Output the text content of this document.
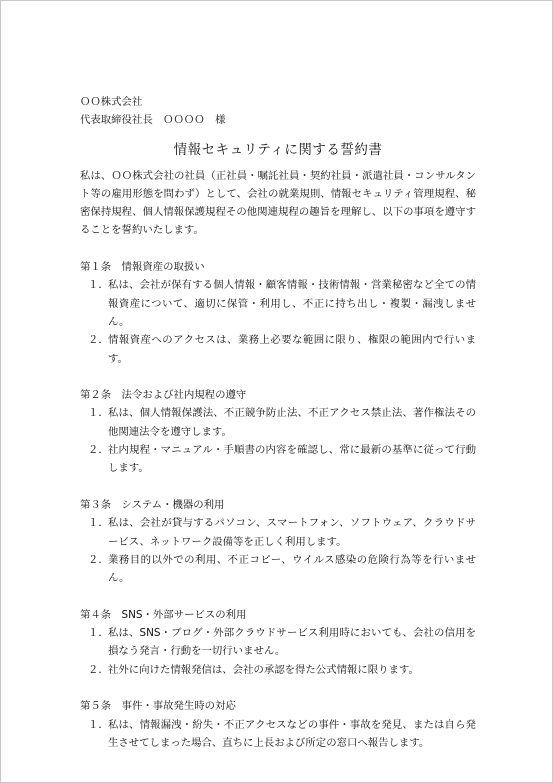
ＯＯ株式会社
代表取締役社長　ＯＯＯＯ　様
情報セキュリティに関する誓約書

私は、ＯＯ株式会社の社員（正社員・嘱託社員・契約社員・派遣社員・コンサルタント等の雇用形態を問わず）として、会社の就業規則、情報セキュリティ管理規程、秘密保持規程、個人情報保護規程その他関連規程の趣旨を理解し、以下の事項を遵守することを誓約いたします。

第１条　情報資産の取扱い
１． 私は、会社が保有する個人情報・顧客情報・技術情報・営業秘密など全ての情報資産について、適切に保管・利用し、不正に持ち出し・複製・漏洩しません。
２． 情報資産へのアクセスは、業務上必要な範囲に限り、権限の範囲内で行います。
第２条　法令および社内規程の遵守
１． 私は、個人情報保護法、不正競争防止法、不正アクセス禁止法、著作権法その他関連法令を遵守します。
２． 社内規程・マニュアル・手順書の内容を確認し、常に最新の基準に従って行動します。
第３条　システム・機器の利用
１． 私は、会社が貸与するパソコン、スマートフォン、ソフトウェア、クラウドサービス、ネットワーク設備等を正しく利用します。
２． 業務目的以外での利用、不正コピー、ウイルス感染の危険行為等を行いません。
第４条　SNS・外部サービスの利用
１． 私は、SNS・ブログ・外部クラウドサービス利用時においても、会社の信用を損なう発言・行動を一切行いません。
２． 社外に向けた情報発信は、会社の承認を得た公式情報に限ります。
第５条　事件・事故発生時の対応
１． 私は、情報漏洩・紛失・不正アクセスなどの事件・事故を発見、または自ら発生させてしまった場合、直ちに上長および所定の窓口へ報告します。
